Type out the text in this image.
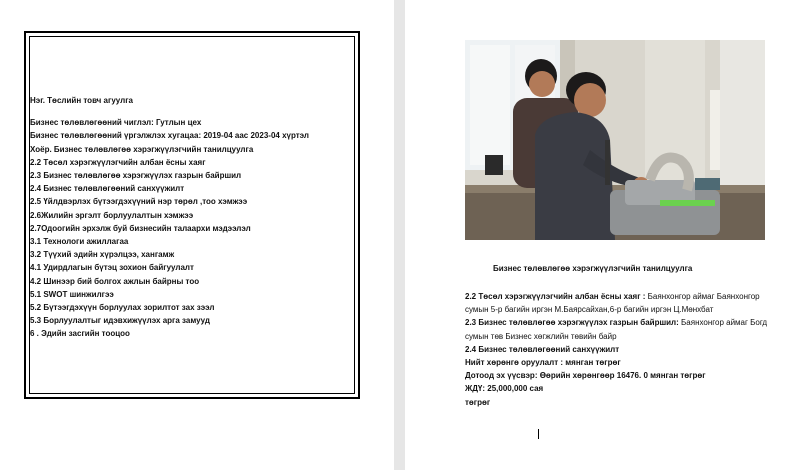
Нэг. Төслийн товч агуулга
Бизнес төлөвлөгөөний чиглэл: Гутлын цех
Бизнес төлөвлөгөөний үргэлжлэх хугацаа: 2019-04 аас 2023-04 хүртэл
Хоёр. Бизнес төлөвлөгөө хэрэгжүүлэгчийн танилцуулга
2.2 Төсөл хэрэгжүүлэгчийн албан ёсны хаяг
2.3 Бизнес төлөвлөгөө хэрэгжүүлэх газрын байршил
2.4 Бизнес төлөвлөгөөний санхүүжилт
2.5 Үйлдвэрлэх бүтээгдэхүүний нэр төрөл ,тоо хэмжээ
2.6Жилийн эргэлт борлуулалтын хэмжээ
2.7Одоогийн эрхэлж буй бизнесийн талаархи мэдээлэл
3.1 Технологи ажиллагаа
3.2 Түүхий эдийн хүрэлцээ, хангамж
4.1 Удирдлагын бүтэц зохион байгуулалт
4.2 Шинээр бий болгох ажлын байрны тоо
5.1 SWOT шинжилгээ
5.2 Бүтээгдэхүүн борлуулах зорилтот зах зээл
5.3 Борлуулалтыг идэвхижүүлэх арга замууд
6 . Эдийн засгийн тооцоо
Бизнес төлөвлөгөө хэрэгжүүлэгчийн танилцуулга
2.2 Төсөл хэрэгжүүлэгчийн албан ёсны хаяг : Баянхонгор аймаг Баянхонгор
сумын 5-р багийн иргэн М.Баярсайхан,6-р багийн иргэн Ц.Мөнхбат
2.3 Бизнес төлөвлөгөө хэрэгжүүлэх газрын байршил: Баянхонгор аймаг Богд
сумын төв Бизнес хөгжлийн төвийн байр
2.4 Бизнес төлөвлөгөөний санхүүжилт
Нийт хөрөнгө оруулалт : мянган төгрөг
Дотоод эх үүсвэр: Өөрийн хөрөнгөөр 16476. 0 мянган төгрөг
ЖДҮ: 25,000,000 сая
төгрөг
